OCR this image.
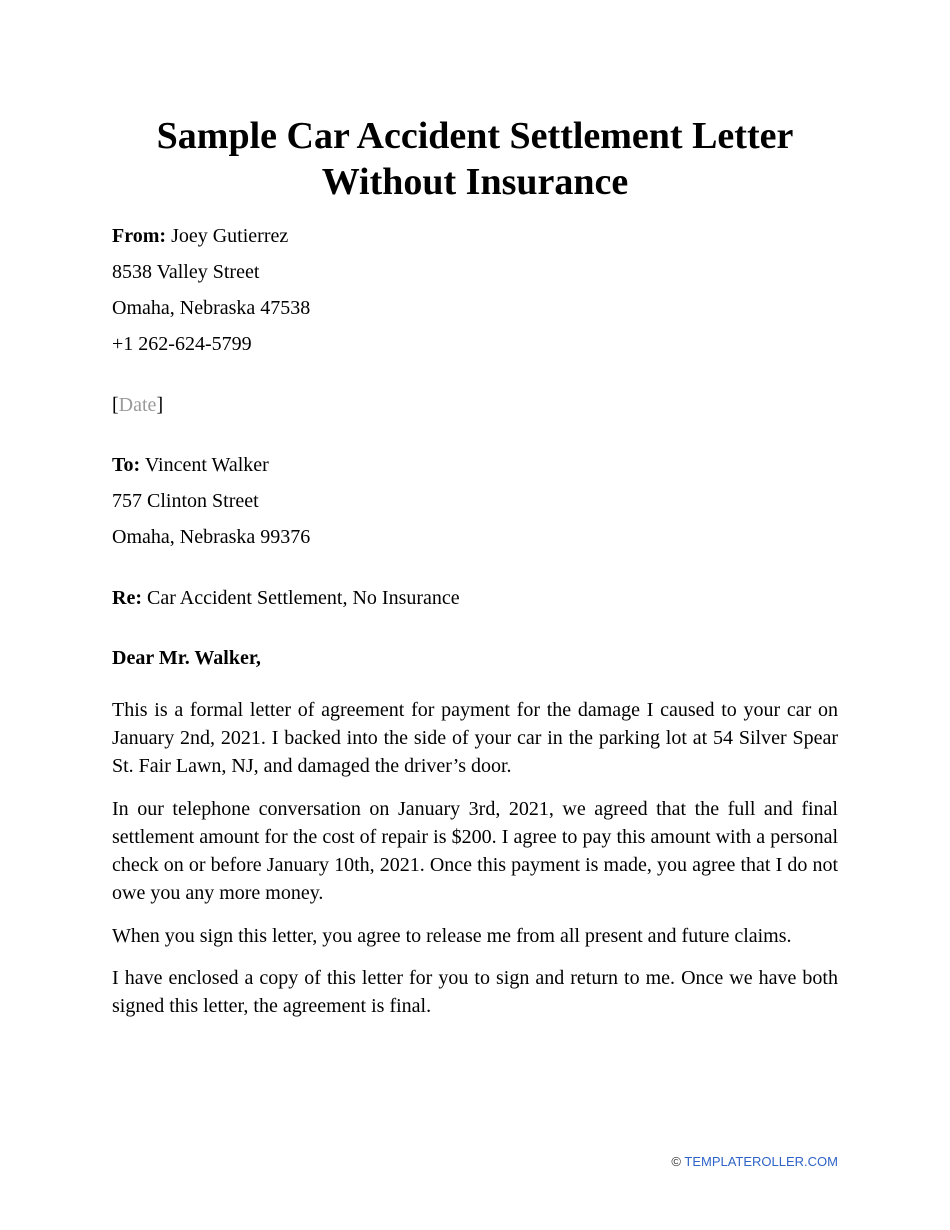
Sample Car Accident Settlement Letter
Without Insurance

From: Joey Gutierrez

8538 Valley Street

Omaha, Nebraska 47538

+1 262-624-5799

[Date]

To: Vincent Walker

757 Clinton Street

Omaha, Nebraska 99376

Re: Car Accident Settlement, No Insurance

Dear Mr. Walker,

This is a formal letter of agreement for payment for the damage I caused to your car on January 2nd, 2021. I backed into the side of your car in the parking lot at 54 Silver Spear St. Fair Lawn, NJ, and damaged the driver’s door.

In our telephone conversation on January 3rd, 2021, we agreed that the full and final settlement amount for the cost of repair is $200. I agree to pay this amount with a personal check on or before January 10th, 2021. Once this payment is made, you agree that I do not owe you any more money.

When you sign this letter, you agree to release me from all present and future claims.

I have enclosed a copy of this letter for you to sign and return to me. Once we have both signed this letter, the agreement is final.

© TEMPLATEROLLER.COM
